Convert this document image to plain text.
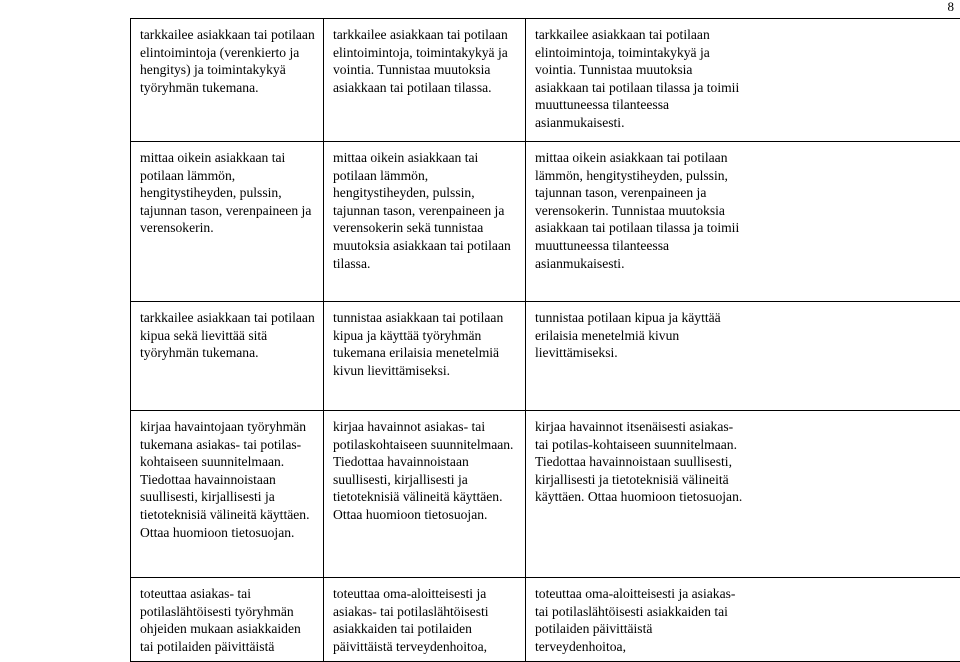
8
tarkkailee asiakkaan tai potilaan elintoimintoja (verenkierto ja hengitys) ja toimintakykyä työryhmän tukemana.	tarkkailee asiakkaan tai potilaan elintoimintoja, toimintakykyä ja vointia. Tunnistaa muutoksia asiakkaan tai potilaan tilassa.	tarkkailee asiakkaan tai potilaan elintoimintoja, toimintakykyä ja vointia. Tunnistaa muutoksia asiakkaan tai potilaan tilassa ja toimii muuttuneessa tilanteessa asianmukaisesti.

mittaa oikein asiakkaan tai potilaan lämmön, hengitystiheyden, pulssin, tajunnan tason, verenpaineen ja verensokerin.	mittaa oikein asiakkaan tai potilaan lämmön, hengitystiheyden, pulssin, tajunnan tason, verenpaineen ja verensokerin sekä tunnistaa muutoksia asiakkaan tai potilaan tilassa.	mittaa oikein asiakkaan tai potilaan lämmön, hengitystiheyden, pulssin, tajunnan tason, verenpaineen ja verensokerin. Tunnistaa muutoksia asiakkaan tai potilaan tilassa ja toimii muuttuneessa tilanteessa asianmukaisesti.

tarkkailee asiakkaan tai potilaan kipua sekä lievittää sitä työryhmän tukemana.	tunnistaa asiakkaan tai potilaan kipua ja käyttää työryhmän tukemana erilaisia menetelmiä kivun lievittämiseksi.	tunnistaa potilaan kipua ja käyttää erilaisia menetelmiä kivun lievittämiseksi.

kirjaa havaintojaan työryhmän tukemana asiakas- tai potilas-kohtaiseen suunnitelmaan. Tiedottaa havainnoistaan suullisesti, kirjallisesti ja tietoteknisiä välineitä käyttäen. Ottaa huomioon tietosuojan.	kirjaa havainnot asiakas- tai potilaskohtaiseen suunnitelmaan. Tiedottaa havainnoistaan suullisesti, kirjallisesti ja tietoteknisiä välineitä käyttäen. Ottaa huomioon tietosuojan.	kirjaa havainnot itsenäisesti asiakas- tai potilas-kohtaiseen suunnitelmaan. Tiedottaa havainnoistaan suullisesti, kirjallisesti ja tietoteknisiä välineitä käyttäen. Ottaa huomioon tietosuojan.

toteuttaa asiakas- tai potilaslähtöisesti työryhmän ohjeiden mukaan asiakkaiden tai potilaiden päivittäistä	toteuttaa oma-aloitteisesti ja asiakas- tai potilaslähtöisesti asiakkaiden tai potilaiden päivittäistä terveydenhoitoa,	toteuttaa oma-aloitteisesti ja asiakas- tai potilaslähtöisesti asiakkaiden tai potilaiden päivittäistä terveydenhoitoa,
